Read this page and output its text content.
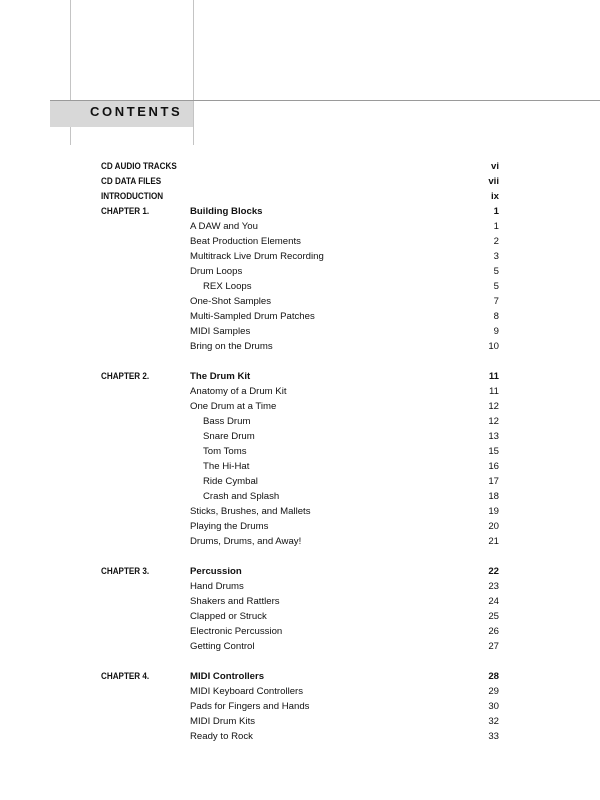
CONTENTS
CD AUDIO TRACKS	vi
CD DATA FILES	vii
INTRODUCTION	ix
CHAPTER 1.	Building Blocks	1
A DAW and You	1
Beat Production Elements	2
Multitrack Live Drum Recording	3
Drum Loops	5
REX Loops	5
One-Shot Samples	7
Multi-Sampled Drum Patches	8
MIDI Samples	9
Bring on the Drums	10
CHAPTER 2.	The Drum Kit	11
Anatomy of a Drum Kit	11
One Drum at a Time	12
Bass Drum	12
Snare Drum	13
Tom Toms	15
The Hi-Hat	16
Ride Cymbal	17
Crash and Splash	18
Sticks, Brushes, and Mallets	19
Playing the Drums	20
Drums, Drums, and Away!	21
CHAPTER 3.	Percussion	22
Hand Drums	23
Shakers and Rattlers	24
Clapped or Struck	25
Electronic Percussion	26
Getting Control	27
CHAPTER 4.	MIDI Controllers	28
MIDI Keyboard Controllers	29
Pads for Fingers and Hands	30
MIDI Drum Kits	32
Ready to Rock	33
